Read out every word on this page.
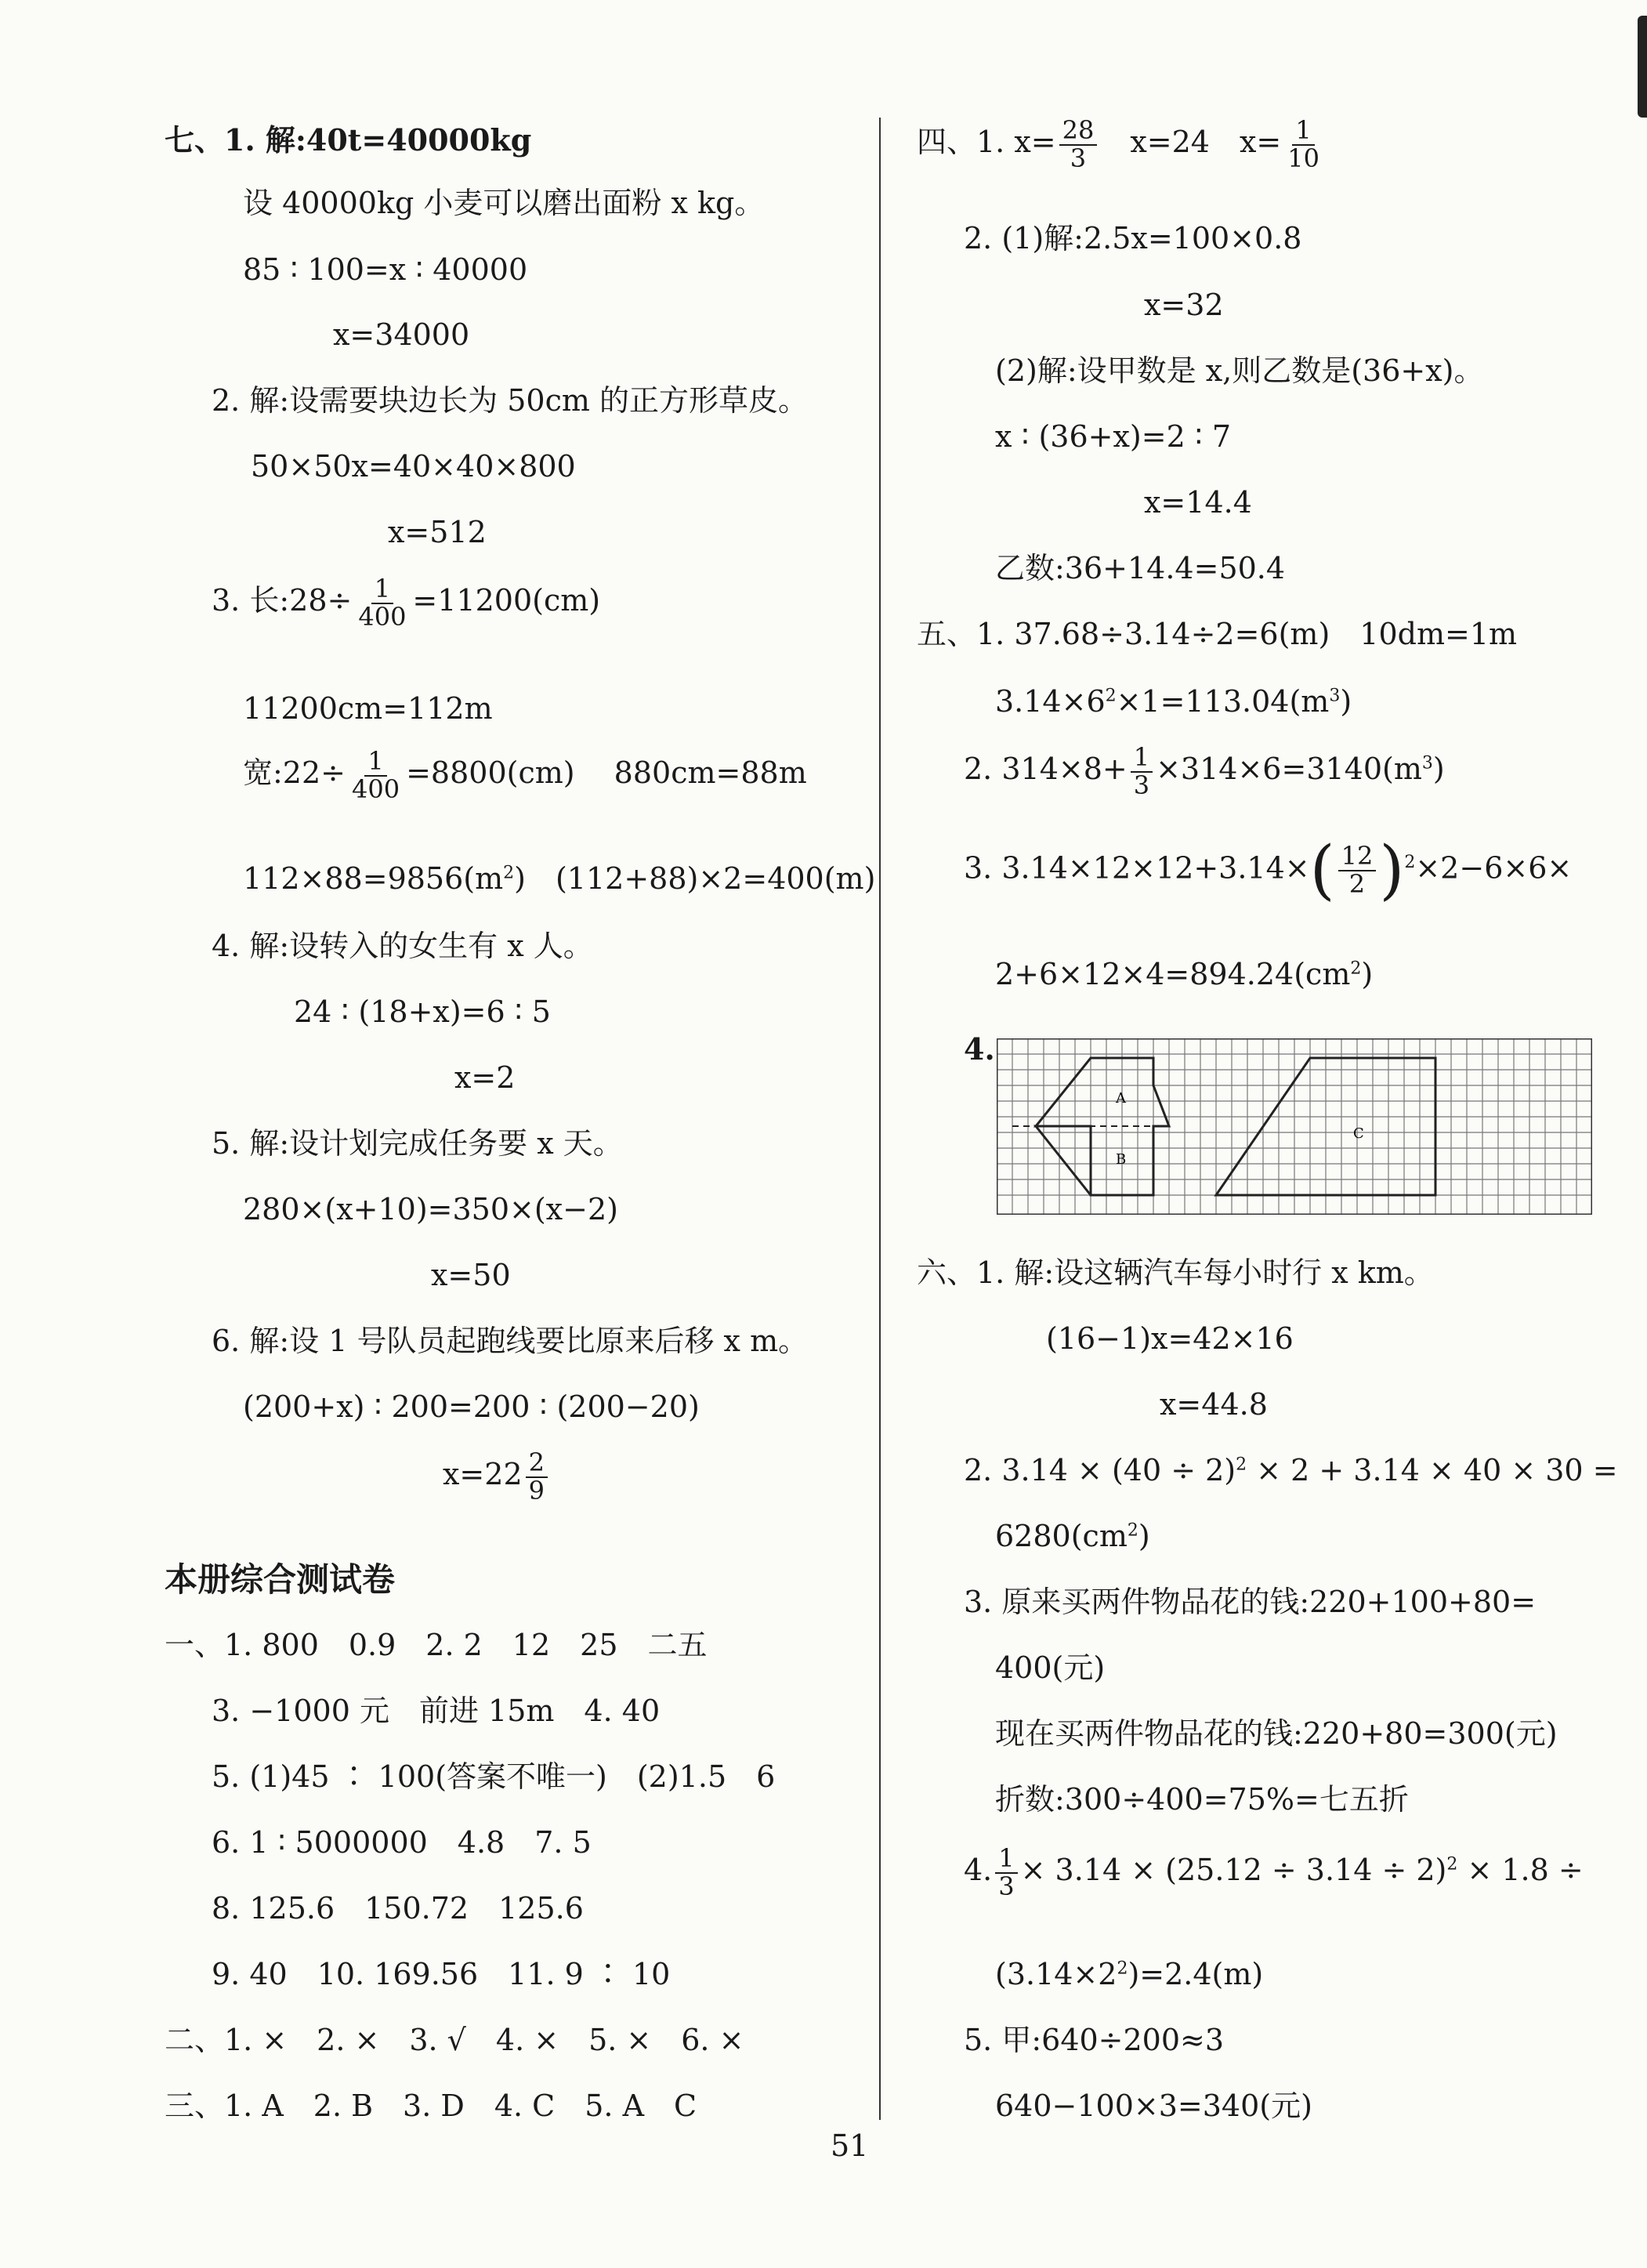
七、1. 解:40t=40000kg
设 40000kg 小麦可以磨出面粉 x kg。
85 ∶ 100=x ∶ 40000
x=34000
2. 解:设需要块边长为 50cm 的正方形草皮。
50×50x=40×40×800
x=512
3. 长:28÷ $\frac{1}{400} =11200(cm)$
11200cm=112m
宽:22÷ $\frac{1}{400} =8800(cm)$　 880cm=88m
$112\times 88=9856(m^2)$　(112+88)×2=400(m)
4. 解:设转入的女生有 x 人。
24 ∶ (18+x)=6 ∶ 5
x=2
5. 解:设计划完成任务要 x 天。
280×(x+10)=350×(x−2)
x=50
6. 解:设 1 号队员起跑线要比原来后移 x m。
(200+x) ∶ 200=200 ∶ (200−20)
$x=22 \frac{2}{9}$
本册综合测试卷
一、1. 800　0.9　2. 2　12　25　二五
3. −1000 元　前进 15m　4. 40
5. (1)45 ∶ 100(答案不唯一)　(2)1.5　6
6. 1 ∶ 5000000　4.8　7. 5
8. 125.6　150.72　125.6
9. 40　10. 169.56　11. 9 ∶ 10
二、1. ×　2. ×　3. √　4. ×　5. ×　6. ×
三、1. A　2. B　3. D　4. C　5. A　C
四、1. $x= \frac{28}{3}$ 　x=24　$x= \frac{1}{10}$
2. (1)解:2.5x=100×0.8
x=32
(2)解:设甲数是 x,则乙数是(36+x)。
x ∶ (36+x)=2 ∶ 7
x=14.4
乙数:36+14.4=50.4
五、1. 37.68÷3.14÷2=6(m)　10dm=1m
$3.14\times 6^2\times 1=113.04(m^3)$
2. $314\times 8+ \frac{1}{3} \times 314\times 6=3140(m^3)$
3. $3.14\times 12\times 12+3.14\times( \frac{12}{2} )^2\times 2-6\times 6\times$
$2+6\times 12\times 4=894.24(cm^2)$
4.
A
B
C
六、1. 解:设这辆汽车每小时行 x km。
(16−1)x=42×16
x=44.8
2. $3.14 \times (40 \div 2)^2 \times 2 + 3.14 \times 40 \times 30$ =
$6280(cm^2)$
3. 原来买两件物品花的钱:220+100+80=
400(元)
现在买两件物品花的钱:220+80=300(元)
折数:300÷400=75%=七五折
4. $\frac{1}{3} \times 3.14 \times (25.12 \div 3.14 \div 2)^2 \times 1.8$ ÷
$(3.14\times 2^2)=2.4(m)$
5. 甲:640÷200≈3
640−100×3=340(元)
51
